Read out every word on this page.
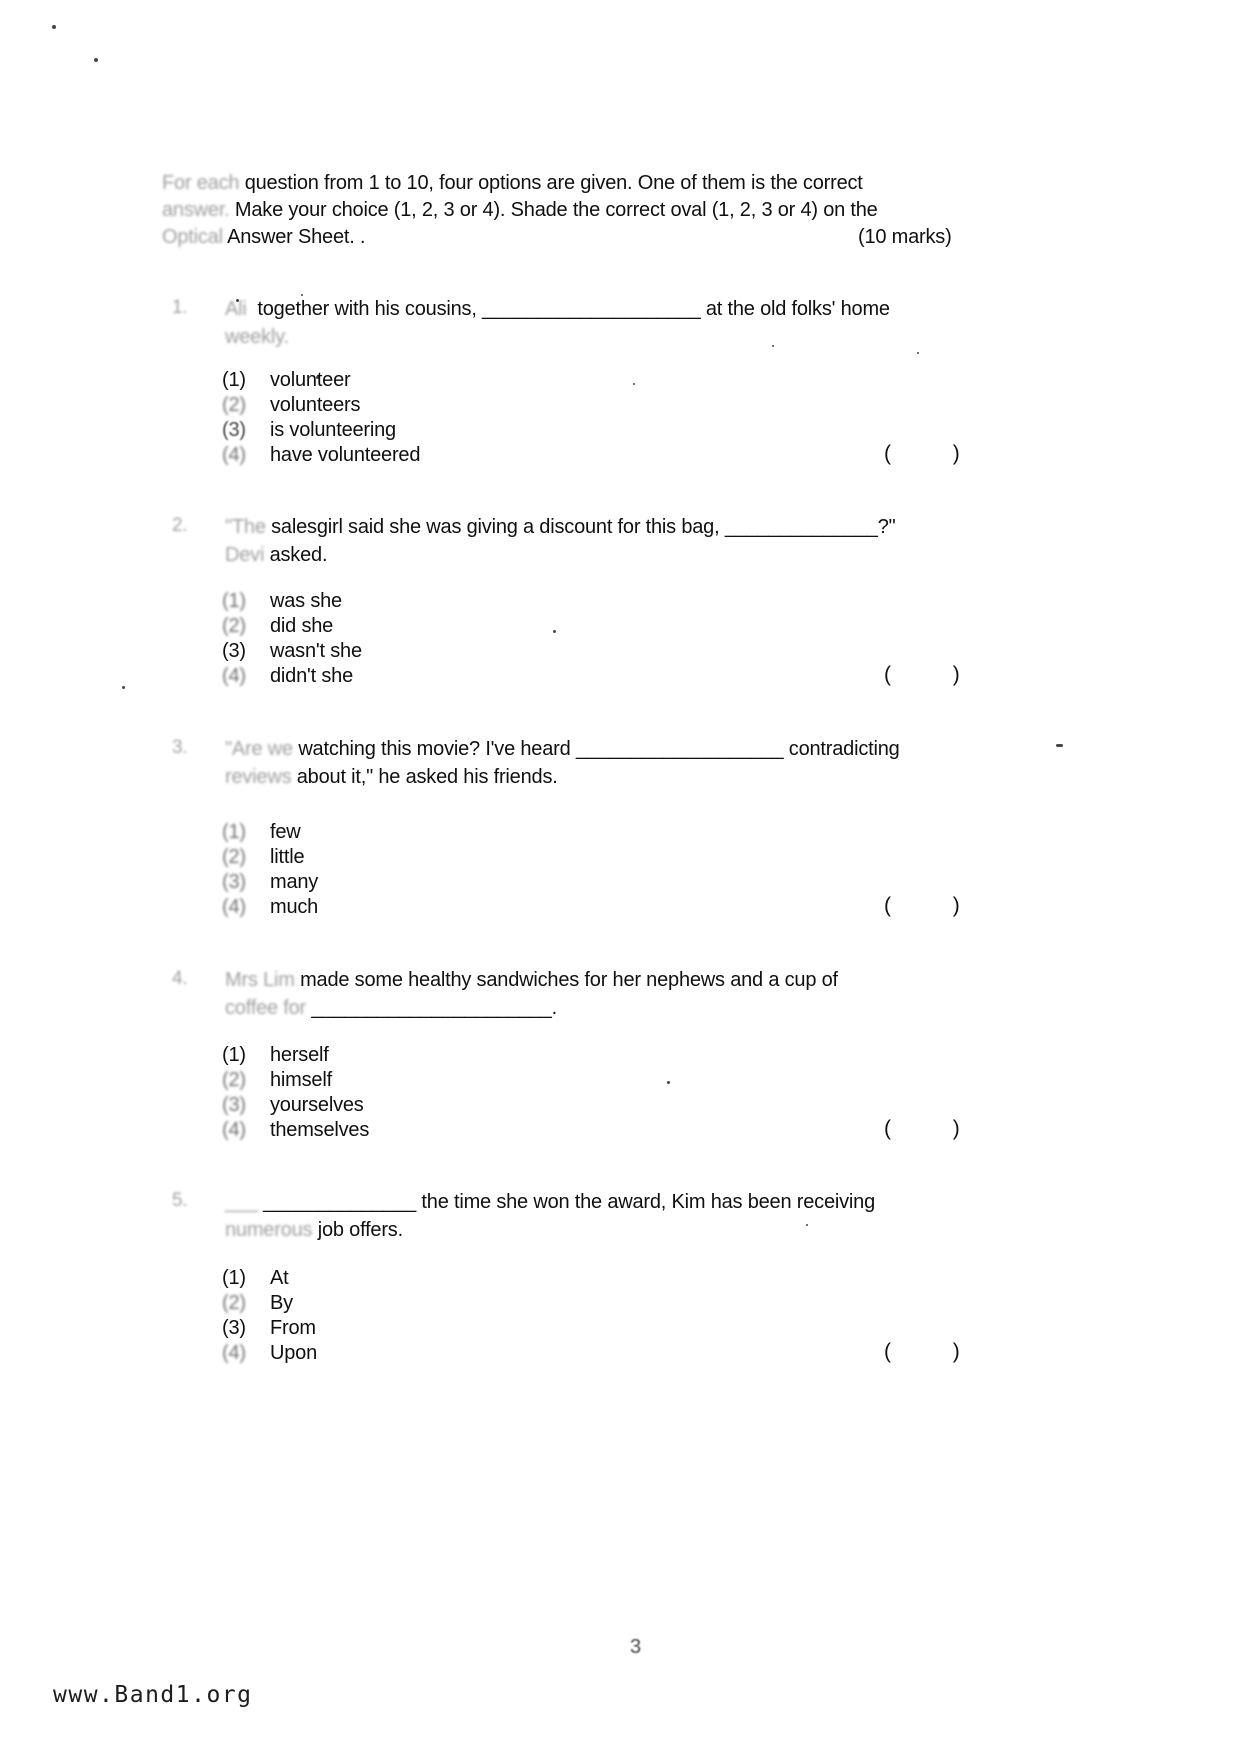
For each question from 1 to 10, four options are given. One of them is the correct
answer. Make your choice (1, 2, 3 or 4). Shade the correct oval (1, 2, 3 or 4) on the
Optical Answer Sheet. .	(10 marks)
1. Ali  together with his cousins, ____________________ at the old folks' home
weekly.
(1) volunteer
(2) volunteers
(3) is volunteering
(4) have volunteered	(           )
2. "The salesgirl said she was giving a discount for this bag, ______________?"
Devi asked.
(1) was she
(2) did she
(3) wasn't she
(4) didn't she	(           )
3. "Are we watching this movie? I've heard ___________________ contradicting
reviews about it," he asked his friends.
(1) few
(2) little
(3) many
(4) much	(           )
4. Mrs Lim made some healthy sandwiches for her nephews and a cup of
coffee for ______________________.
(1) herself
(2) himself
(3) yourselves
(4) themselves	(           )
5. ___ ______________ the time she won the award, Kim has been receiving
numerous job offers.
(1) At
(2) By
(3) From
(4) Upon	(           )
3
www.Band1.org
